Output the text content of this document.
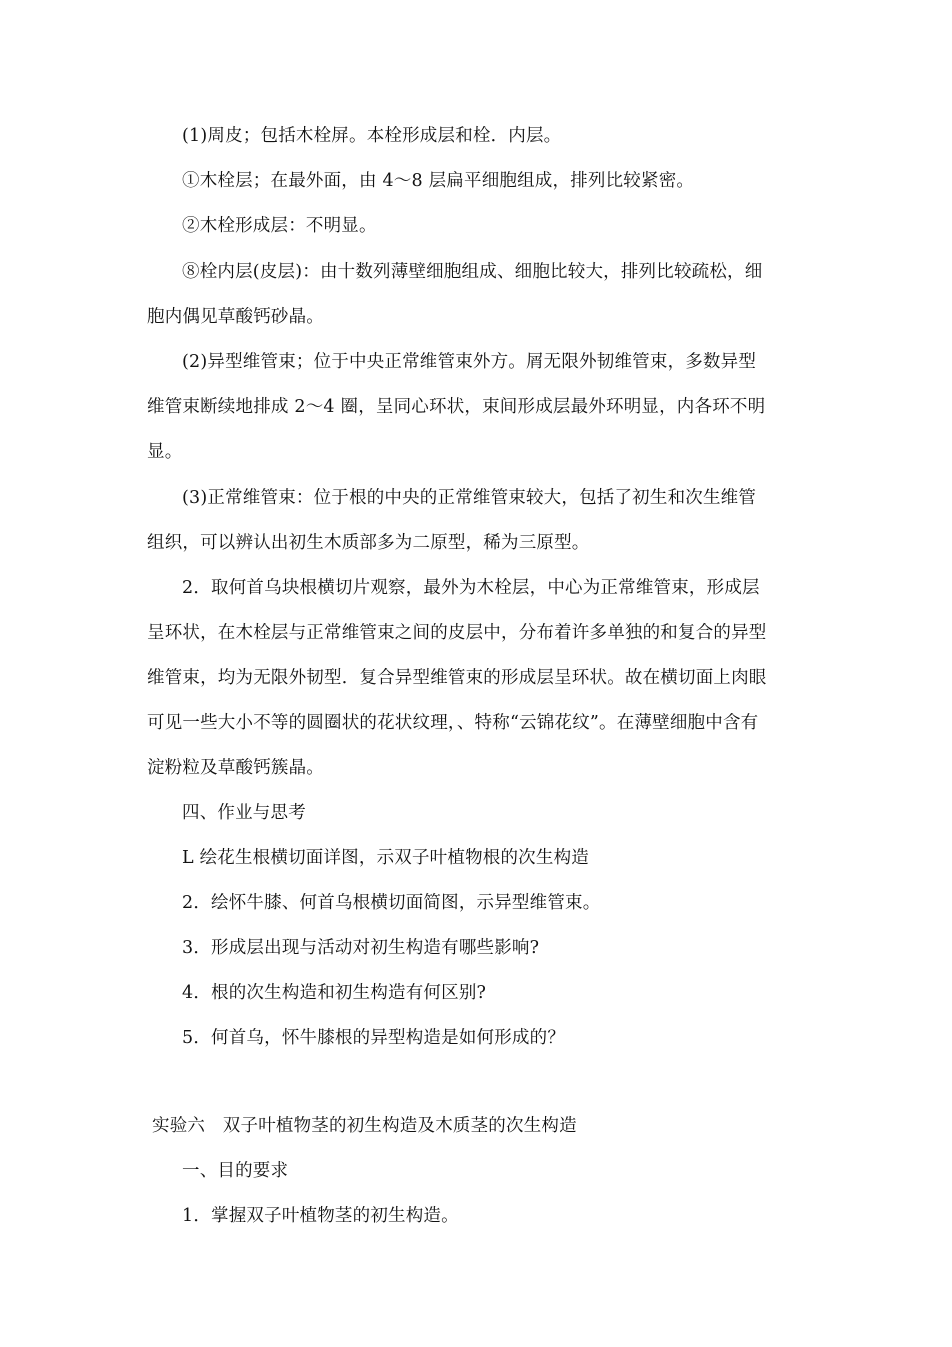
(1)周皮；包括木栓屏。本栓形成层和栓．内层。

①木栓层；在最外面，由 4～8 层扁平细胞组成，排列比较紧密。

②木栓形成层：不明显。

⑧栓内层(皮层)：由十数列薄壁细胞组成、细胞比较大，排列比较疏松，细

胞内偶见草酸钙砂晶。

(2)异型维管束；位于中央正常维管束外方。屑无限外韧维管束，多数异型

维管束断续地排成 2～4 圈，呈同心环状，束间形成层最外环明显，内各环不明

显。

(3)正常维管束：位于根的中央的正常维管束较大，包括了初生和次生维管

组织，可以辨认出初生木质部多为二原型，稀为三原型。

2．取何首乌块根横切片观察，最外为木栓层，中心为正常维管束，形成层

呈环状，在木栓层与正常维管束之间的皮层中，分布着许多单独的和复合的异型

维管束，均为无限外韧型．复合异型维管束的形成层呈环状。故在横切面上肉眼

可见一些大小不等的圆圈状的花状纹理，、特称“云锦花纹”。在薄壁细胞中含有

淀粉粒及草酸钙簇晶。

四、作业与思考

L 绘花生根横切面详图，示双子叶植物根的次生构造

2．绘怀牛膝、何首乌根横切面简图，示异型维管束。

3．形成层出现与活动对初生构造有哪些影响?

4．根的次生构造和初生构造有何区别?

5．何首乌，怀牛膝根的异型构造是如何形成的？

实验六　双子叶植物茎的初生构造及木质茎的次生构造

一、目的要求

1．掌握双子叶植物茎的初生构造。
